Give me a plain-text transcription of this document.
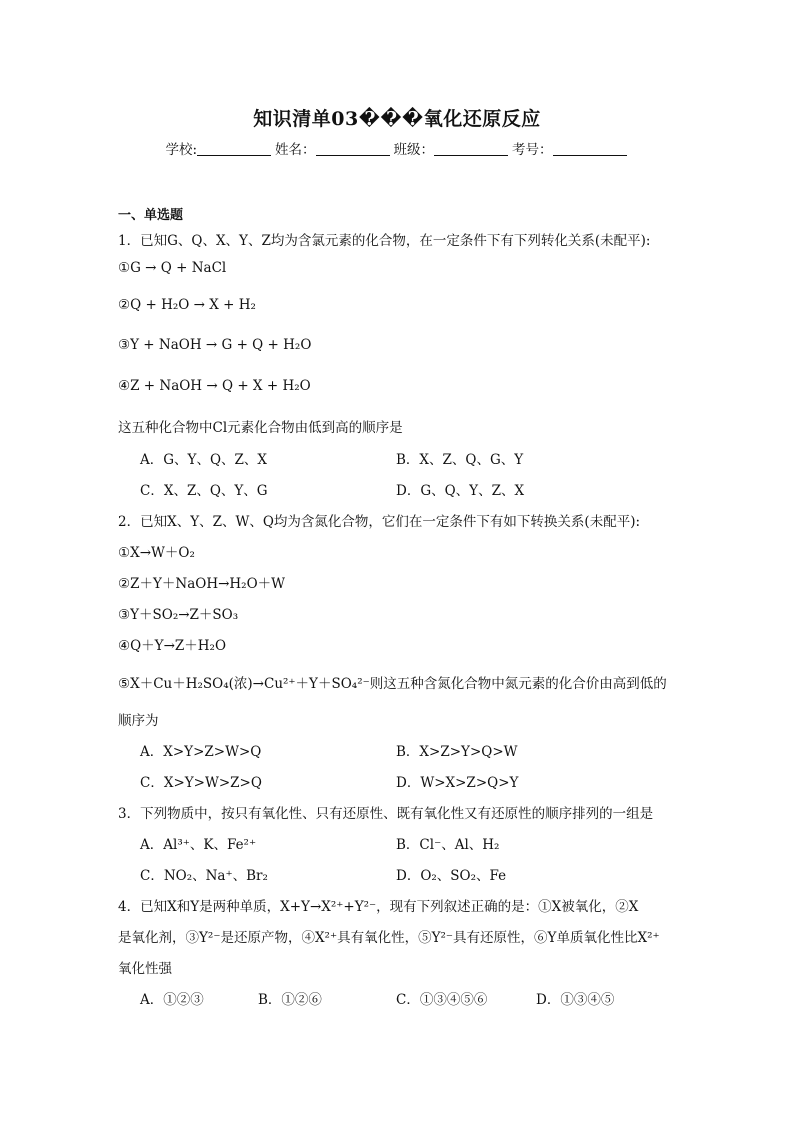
知识清单03���氧化还原反应
学校:	姓名：	班级：	考号：
一、单选题
1．已知G、Q、X、Y、Z均为含氯元素的化合物，在一定条件下有下列转化关系(未配平):
①G → Q + NaCl
②Q + H₂O → X + H₂
③Y + NaOH → G + Q + H₂O
④Z + NaOH → Q + X + H₂O
这五种化合物中Cl元素化合物由低到高的顺序是
A．G、Y、Q、Z、X	B．X、Z、Q、G、Y
C．X、Z、Q、Y、G	D．G、Q、Y、Z、X
2．已知X、Y、Z、W、Q均为含氮化合物，它们在一定条件下有如下转换关系(未配平):
①X→W＋O₂
②Z＋Y＋NaOH→H₂O＋W
③Y＋SO₂→Z＋SO₃
④Q＋Y→Z＋H₂O
⑤X＋Cu＋H₂SO₄(浓)→Cu²⁺＋Y＋SO₄²⁻则这五种含氮化合物中氮元素的化合价由高到低的
顺序为
A．X>Y>Z>W>Q	B．X>Z>Y>Q>W
C．X>Y>W>Z>Q	D．W>X>Z>Q>Y
3．下列物质中，按只有氧化性、只有还原性、既有氧化性又有还原性的顺序排列的一组是
A．Al³⁺、K、Fe²⁺	B．Cl⁻、Al、H₂
C．NO₂、Na⁺、Br₂	D．O₂、SO₂、Fe
4．已知X和Y是两种单质，X+Y→X²⁺+Y²⁻，现有下列叙述正确的是：①X被氧化，②X
是氧化剂，③Y²⁻是还原产物，④X²⁺具有氧化性，⑤Y²⁻具有还原性，⑥Y单质氧化性比X²⁺
氧化性强
A．①②③	B．①②⑥	C．①③④⑤⑥	D．①③④⑤
